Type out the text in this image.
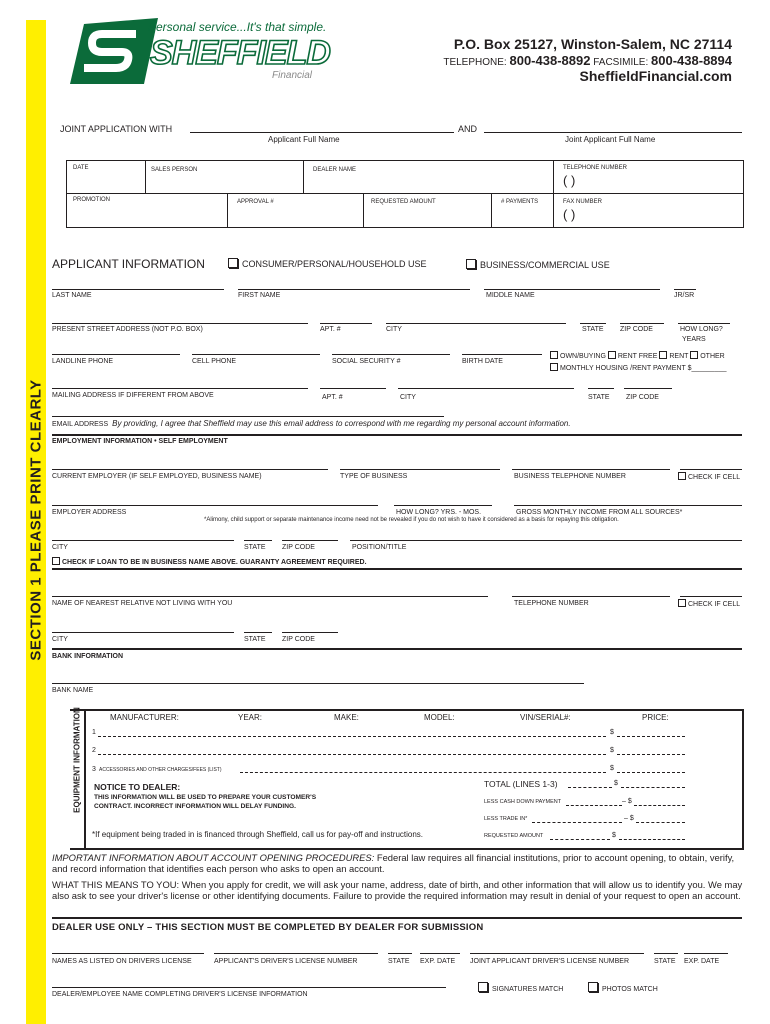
SECTION 1 PLEASE PRINT CLEARLY
Personal service...It's that simple.
SHEFFIELD
Financial
P.O. Box 25127, Winston-Salem, NC 27114
TELEPHONE: 800-438-8892 FACSIMILE: 800-438-8894
SheffieldFinancial.com
JOINT APPLICATION WITH	AND
Applicant Full Name	Joint Applicant Full Name
DATE	SALES PERSON	DEALER NAME	TELEPHONE NUMBER
( )
PROMOTION	APPROVAL #	REQUESTED AMOUNT	# PAYMENTS	FAX NUMBER
( )
APPLICANT INFORMATION	CONSUMER/PERSONAL/HOUSEHOLD USE	BUSINESS/COMMERCIAL USE
LAST NAME	FIRST NAME	MIDDLE NAME	JR/SR
PRESENT STREET ADDRESS (NOT P.O. BOX)	APT. #	CITY	STATE ZIP CODE	HOW LONG?
YEARS
LANDLINE PHONE	CELL PHONE	SOCIAL SECURITY #	BIRTH DATE
OWN/BUYING RENT FREE RENT OTHER
MONTHLY HOUSING /RENT PAYMENT $_________
MAILING ADDRESS IF DIFFERENT FROM ABOVE	APT. #	CITY	STATE ZIP CODE
EMAIL ADDRESS By providing, I agree that Sheffield may use this email address to correspond with me regarding my personal account information.
EMPLOYMENT INFORMATION • SELF EMPLOYMENT
CURRENT EMPLOYER (IF SELF EMPLOYED, BUSINESS NAME)	TYPE OF BUSINESS	BUSINESS TELEPHONE NUMBER	CHECK IF CELL
EMPLOYER ADDRESS	HOW LONG? YRS. - MOS.	GROSS MONTHLY INCOME FROM ALL SOURCES*
*Alimony, child support or separate maintenance income need not be revealed if you do not wish to have it considered as a basis for repaying this obligation.
CITY	STATE ZIP CODE	POSITION/TITLE
CHECK IF LOAN TO BE IN BUSINESS NAME ABOVE. GUARANTY AGREEMENT REQUIRED.
NAME OF NEAREST RELATIVE NOT LIVING WITH YOU	TELEPHONE NUMBER	CHECK IF CELL
CITY	STATE ZIP CODE
BANK INFORMATION
BANK NAME
EQUIPMENT INFORMATION	MANUFACTURER:	YEAR:	MAKE:	MODEL:	VIN/SERIAL#:	PRICE:
1	$
2	$
3 ACCESSORIES AND OTHER CHARGES/FEES (LIST)	$
NOTICE TO DEALER:
THIS INFORMATION WILL BE USED TO PREPARE YOUR CUSTOMER'S
CONTRACT. INCORRECT INFORMATION WILL DELAY FUNDING.
TOTAL (LINES 1-3)	$
LESS CASH DOWN PAYMENT	– $
LESS TRADE IN*	– $
REQUESTED AMOUNT	$
*If equipment being traded in is financed through Sheffield, call us for pay-off and instructions.
IMPORTANT INFORMATION ABOUT ACCOUNT OPENING PROCEDURES: Federal law requires all financial institutions, prior to account opening, to obtain, verify, and record information that identifies each person who asks to open an account.
WHAT THIS MEANS TO YOU: When you apply for credit, we will ask your name, address, date of birth, and other information that will allow us to identify you. We may also ask to see your driver's license or other identifying documents. Failure to provide the required information may result in denial of your request to open an account.
DEALER USE ONLY – THIS SECTION MUST BE COMPLETED BY DEALER FOR SUBMISSION
NAMES AS LISTED ON DRIVERS LICENSE	APPLICANT'S DRIVER'S LICENSE NUMBER	STATE EXP. DATE JOINT APPLICANT DRIVER'S LICENSE NUMBER	STATE EXP. DATE
DEALER/EMPLOYEE NAME COMPLETING DRIVER'S LICENSE INFORMATION
SIGNATURES MATCH	PHOTOS MATCH
